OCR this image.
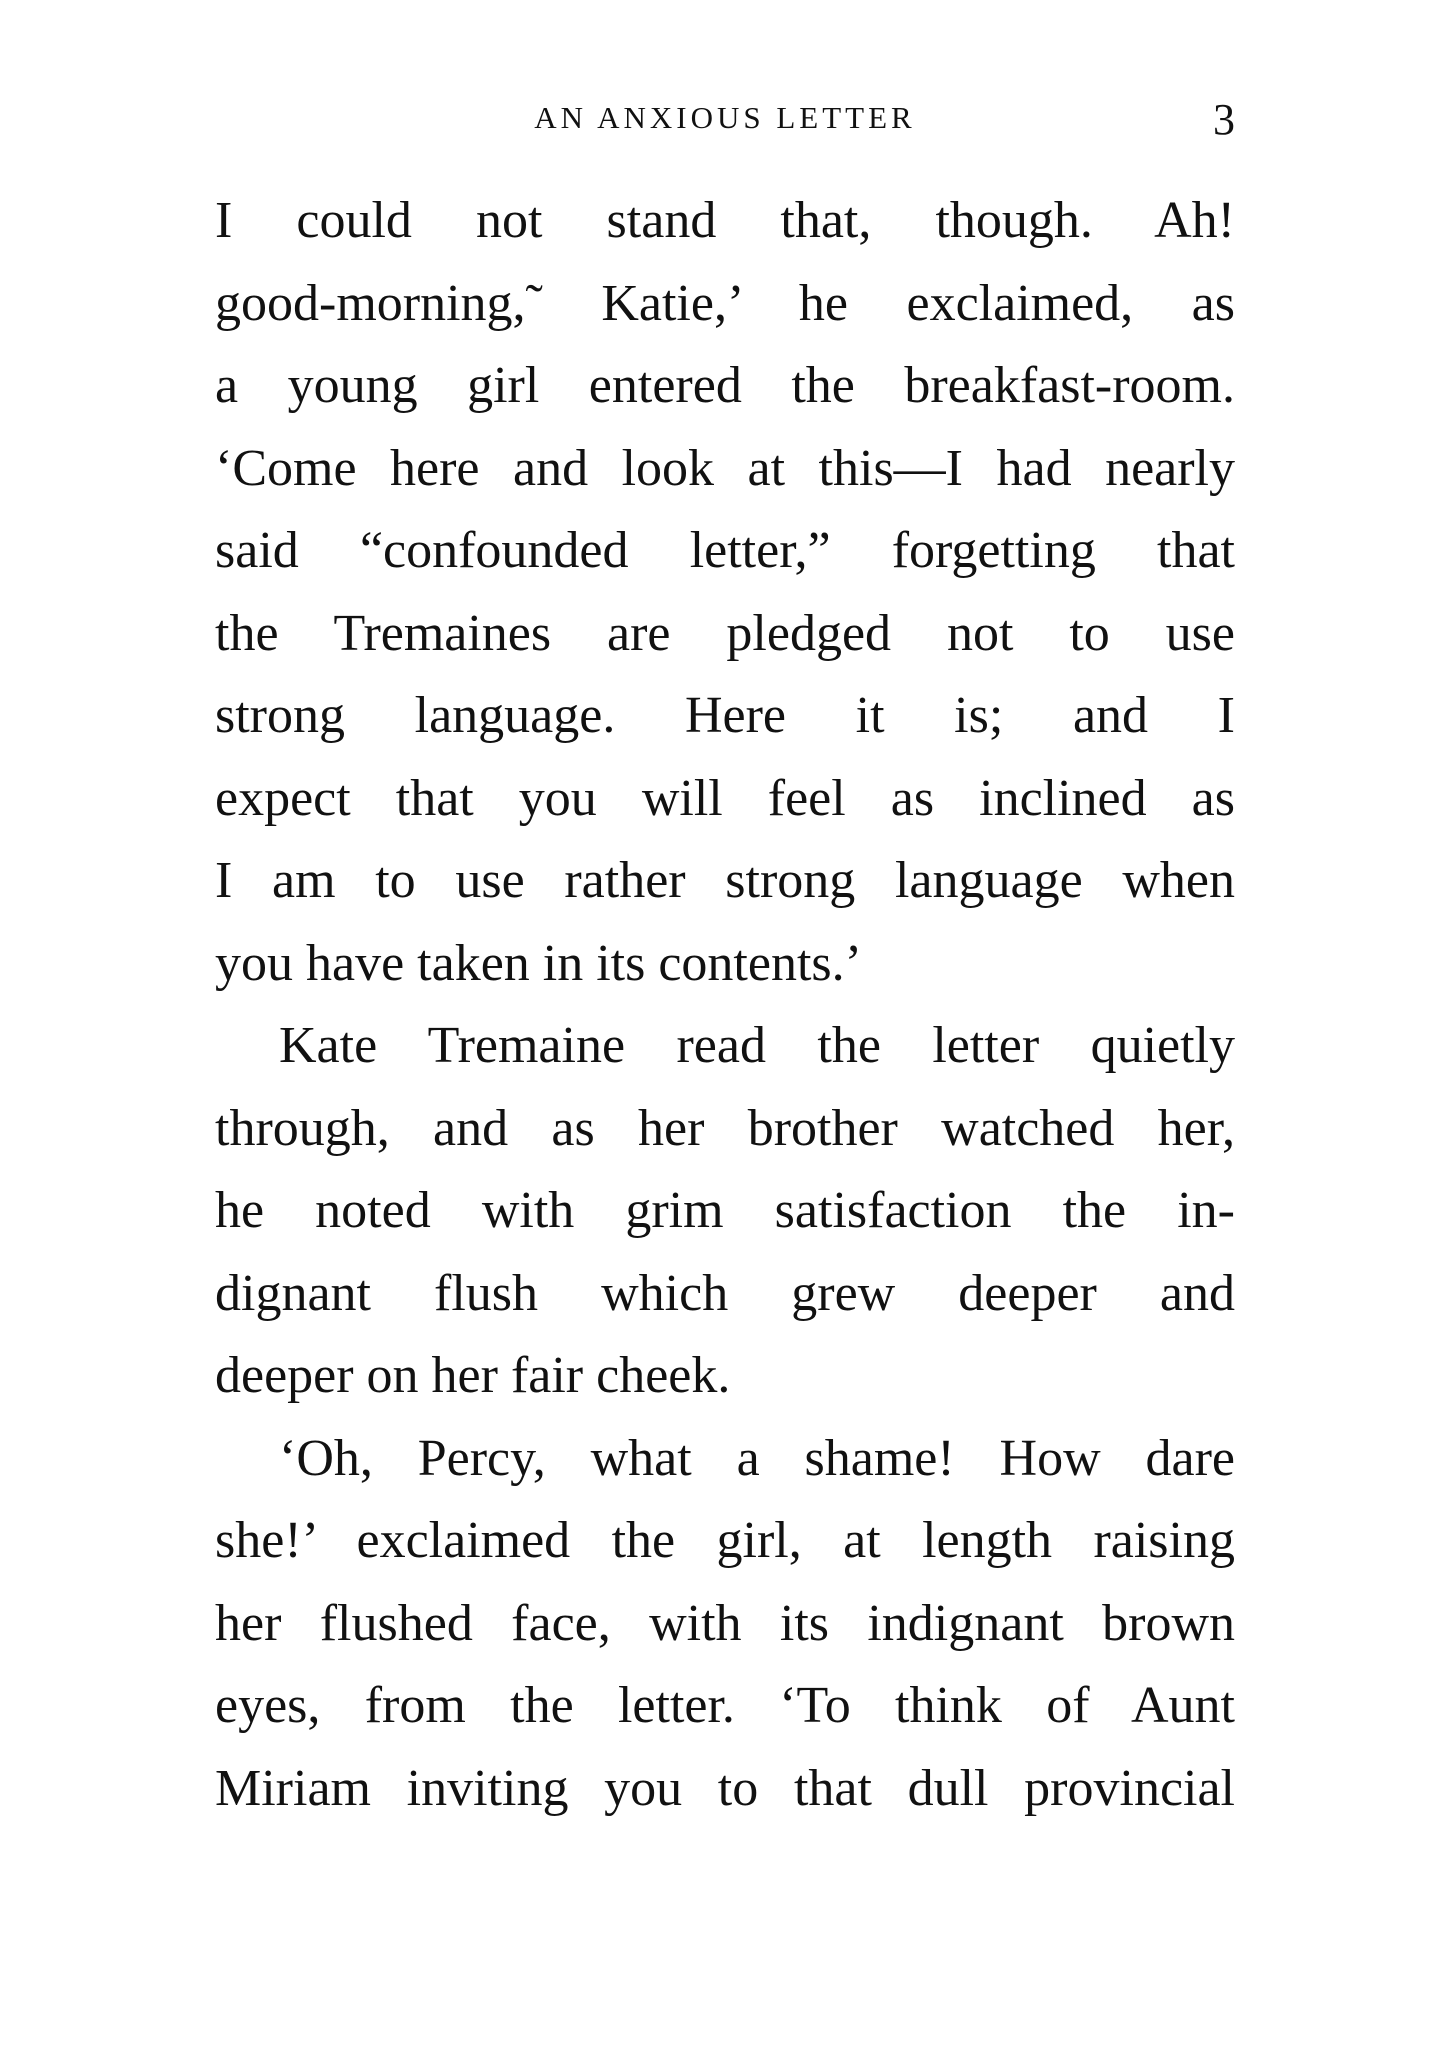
AN ANXIOUS LETTER	3
I could not stand that, though. Ah!
good-morning,˜ Katie,’ he exclaimed, as
a young girl entered the breakfast-room.
‘Come here and look at this—I had nearly
said “confounded letter,” forgetting that
the Tremaines are pledged not to use
strong language. Here it is; and I
expect that you will feel as inclined as
I am to use rather strong language when
you have taken in its contents.’
Kate Tremaine read the letter quietly
through, and as her brother watched her,
he noted with grim satisfaction the in-
dignant flush which grew deeper and
deeper on her fair cheek.
‘Oh, Percy, what a shame! How dare
she!’ exclaimed the girl, at length raising
her flushed face, with its indignant brown
eyes, from the letter. ‘To think of Aunt
Miriam inviting you to that dull provincial
